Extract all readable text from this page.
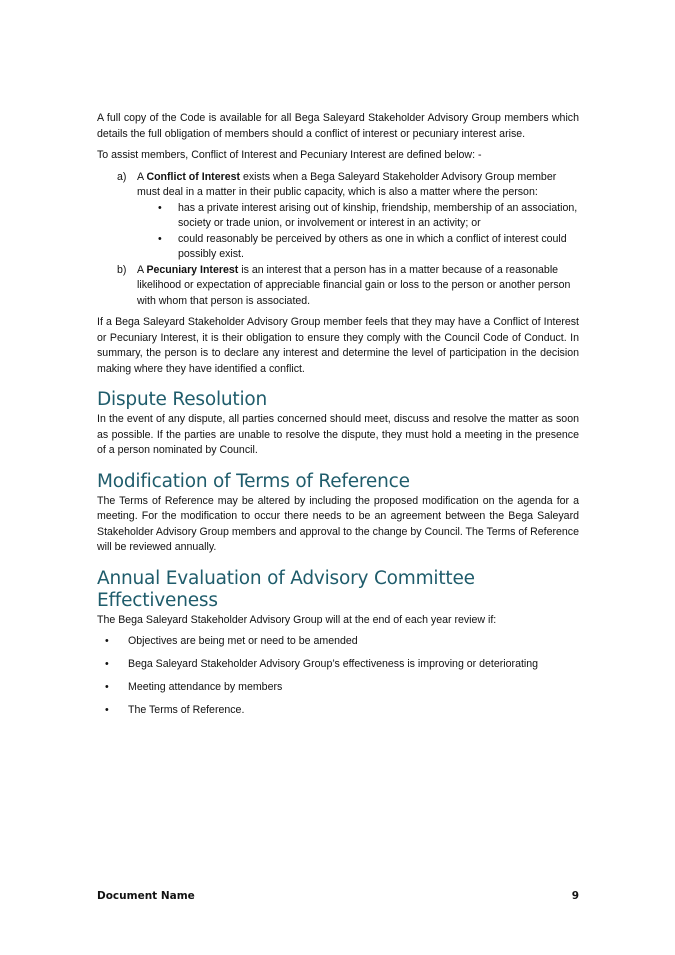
A full copy of the Code is available for all Bega Saleyard Stakeholder Advisory Group members which details the full obligation of members should a conflict of interest or pecuniary interest arise.

To assist members, Conflict of Interest and Pecuniary Interest are defined below: -

a) A Conflict of Interest exists when a Bega Saleyard Stakeholder Advisory Group member must deal in a matter in their public capacity, which is also a matter where the person:
• has a private interest arising out of kinship, friendship, membership of an association, society or trade union, or involvement or interest in an activity; or
• could reasonably be perceived by others as one in which a conflict of interest could possibly exist.
b) A Pecuniary Interest is an interest that a person has in a matter because of a reasonable likelihood or expectation of appreciable financial gain or loss to the person or another person with whom that person is associated.

If a Bega Saleyard Stakeholder Advisory Group member feels that they may have a Conflict of Interest or Pecuniary Interest, it is their obligation to ensure they comply with the Council Code of Conduct. In summary, the person is to declare any interest and determine the level of participation in the decision making where they have identified a conflict.

Dispute Resolution

In the event of any dispute, all parties concerned should meet, discuss and resolve the matter as soon as possible. If the parties are unable to resolve the dispute, they must hold a meeting in the presence of a person nominated by Council.

Modification of Terms of Reference

The Terms of Reference may be altered by including the proposed modification on the agenda for a meeting. For the modification to occur there needs to be an agreement between the Bega Saleyard Stakeholder Advisory Group members and approval to the change by Council. The Terms of Reference will be reviewed annually.

Annual Evaluation of Advisory Committee
Effectiveness

The Bega Saleyard Stakeholder Advisory Group will at the end of each year review if:

• Objectives are being met or need to be amended
• Bega Saleyard Stakeholder Advisory Group’s effectiveness is improving or deteriorating
• Meeting attendance by members
• The Terms of Reference.
Document Name	9
